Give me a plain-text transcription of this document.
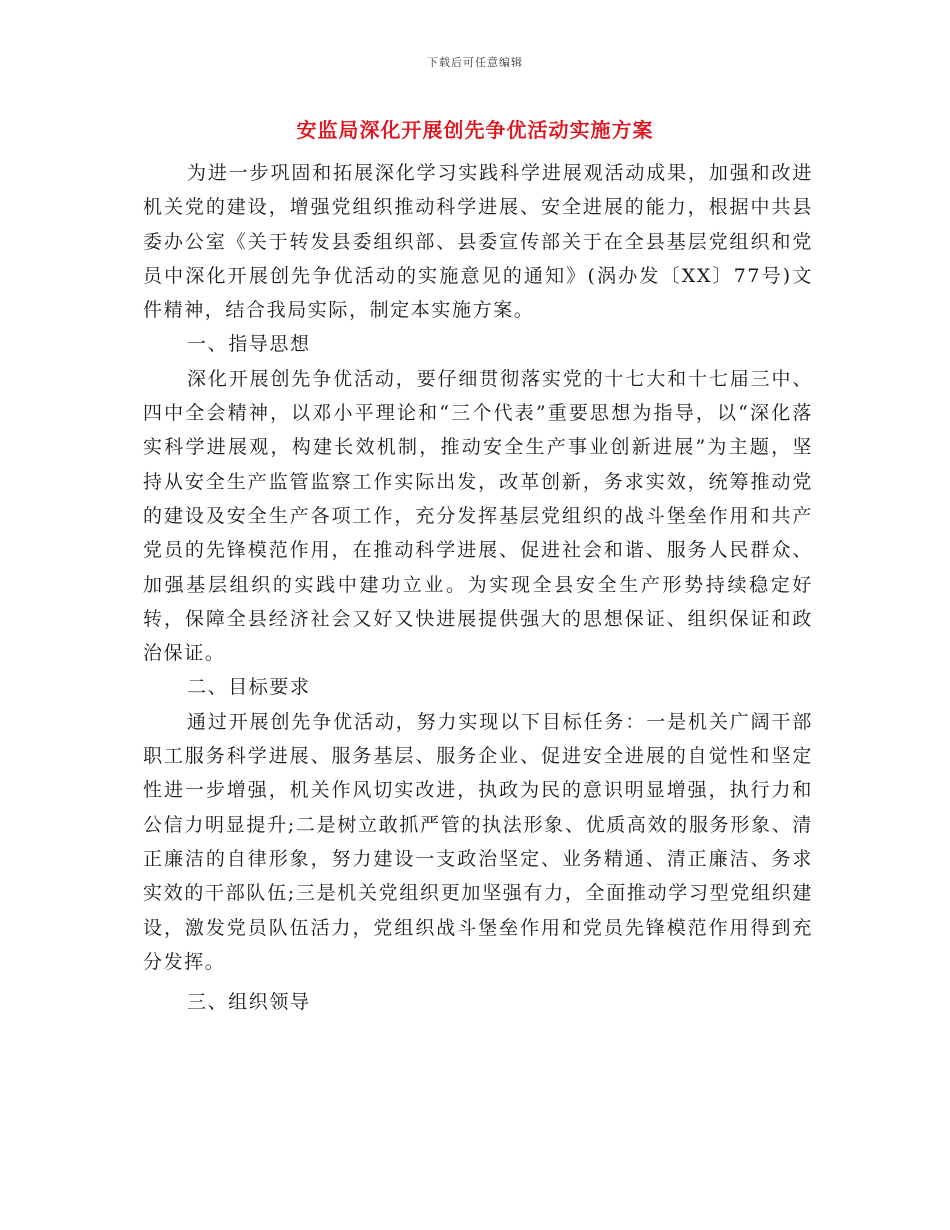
下载后可任意编辑
安监局深化开展创先争优活动实施方案

为进一步巩固和拓展深化学习实践科学进展观活动成果，加强和改进机关党的建设，增强党组织推动科学进展、安全进展的能力，根据中共县委办公室《关于转发县委组织部、县委宣传部关于在全县基层党组织和党员中深化开展创先争优活动的实施意见的通知》(涡办发〔XX〕77号)文件精神，结合我局实际，制定本实施方案。

一、指导思想

深化开展创先争优活动，要仔细贯彻落实党的十七大和十七届三中、四中全会精神，以邓小平理论和“三个代表”重要思想为指导，以“深化落实科学进展观，构建长效机制，推动安全生产事业创新进展”为主题，坚持从安全生产监管监察工作实际出发，改革创新，务求实效，统筹推动党的建设及安全生产各项工作，充分发挥基层党组织的战斗堡垒作用和共产党员的先锋模范作用，在推动科学进展、促进社会和谐、服务人民群众、加强基层组织的实践中建功立业。为实现全县安全生产形势持续稳定好转，保障全县经济社会又好又快进展提供强大的思想保证、组织保证和政治保证。

二、目标要求

通过开展创先争优活动，努力实现以下目标任务：一是机关广阔干部职工服务科学进展、服务基层、服务企业、促进安全进展的自觉性和坚定性进一步增强，机关作风切实改进，执政为民的意识明显增强，执行力和公信力明显提升;二是树立敢抓严管的执法形象、优质高效的服务形象、清正廉洁的自律形象，努力建设一支政治坚定、业务精通、清正廉洁、务求实效的干部队伍;三是机关党组织更加坚强有力，全面推动学习型党组织建设，激发党员队伍活力，党组织战斗堡垒作用和党员先锋模范作用得到充分发挥。

三、组织领导
